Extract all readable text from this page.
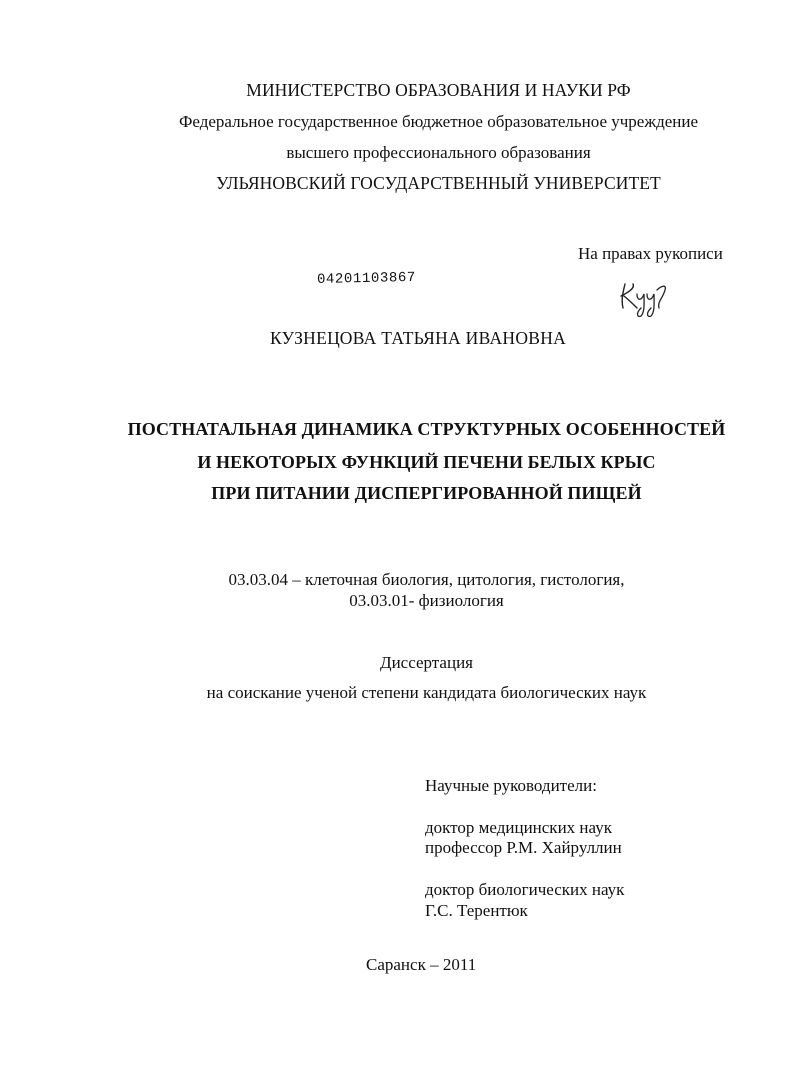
МИНИСТЕРСТВО ОБРАЗОВАНИЯ И НАУКИ РФ
Федеральное государственное бюджетное образовательное учреждение
высшего профессионального образования
УЛЬЯНОВСКИЙ ГОСУДАРСТВЕННЫЙ УНИВЕРСИТЕТ
На правах рукописи
04201103867
КУЗНЕЦОВА ТАТЬЯНА ИВАНОВНА
ПОСТНАТАЛЬНАЯ ДИНАМИКА СТРУКТУРНЫХ ОСОБЕННОСТЕЙ
И НЕКОТОРЫХ ФУНКЦИЙ ПЕЧЕНИ БЕЛЫХ КРЫС
ПРИ ПИТАНИИ ДИСПЕРГИРОВАННОЙ ПИЩЕЙ
03.03.04 – клеточная биология, цитология, гистология,
03.03.01- физиология
Диссертация
на соискание ученой степени кандидата биологических наук
Научные руководители:
доктор медицинских наук
профессор Р.М. Хайруллин
доктор биологических наук
Г.С. Терентюк
Саранск – 2011
